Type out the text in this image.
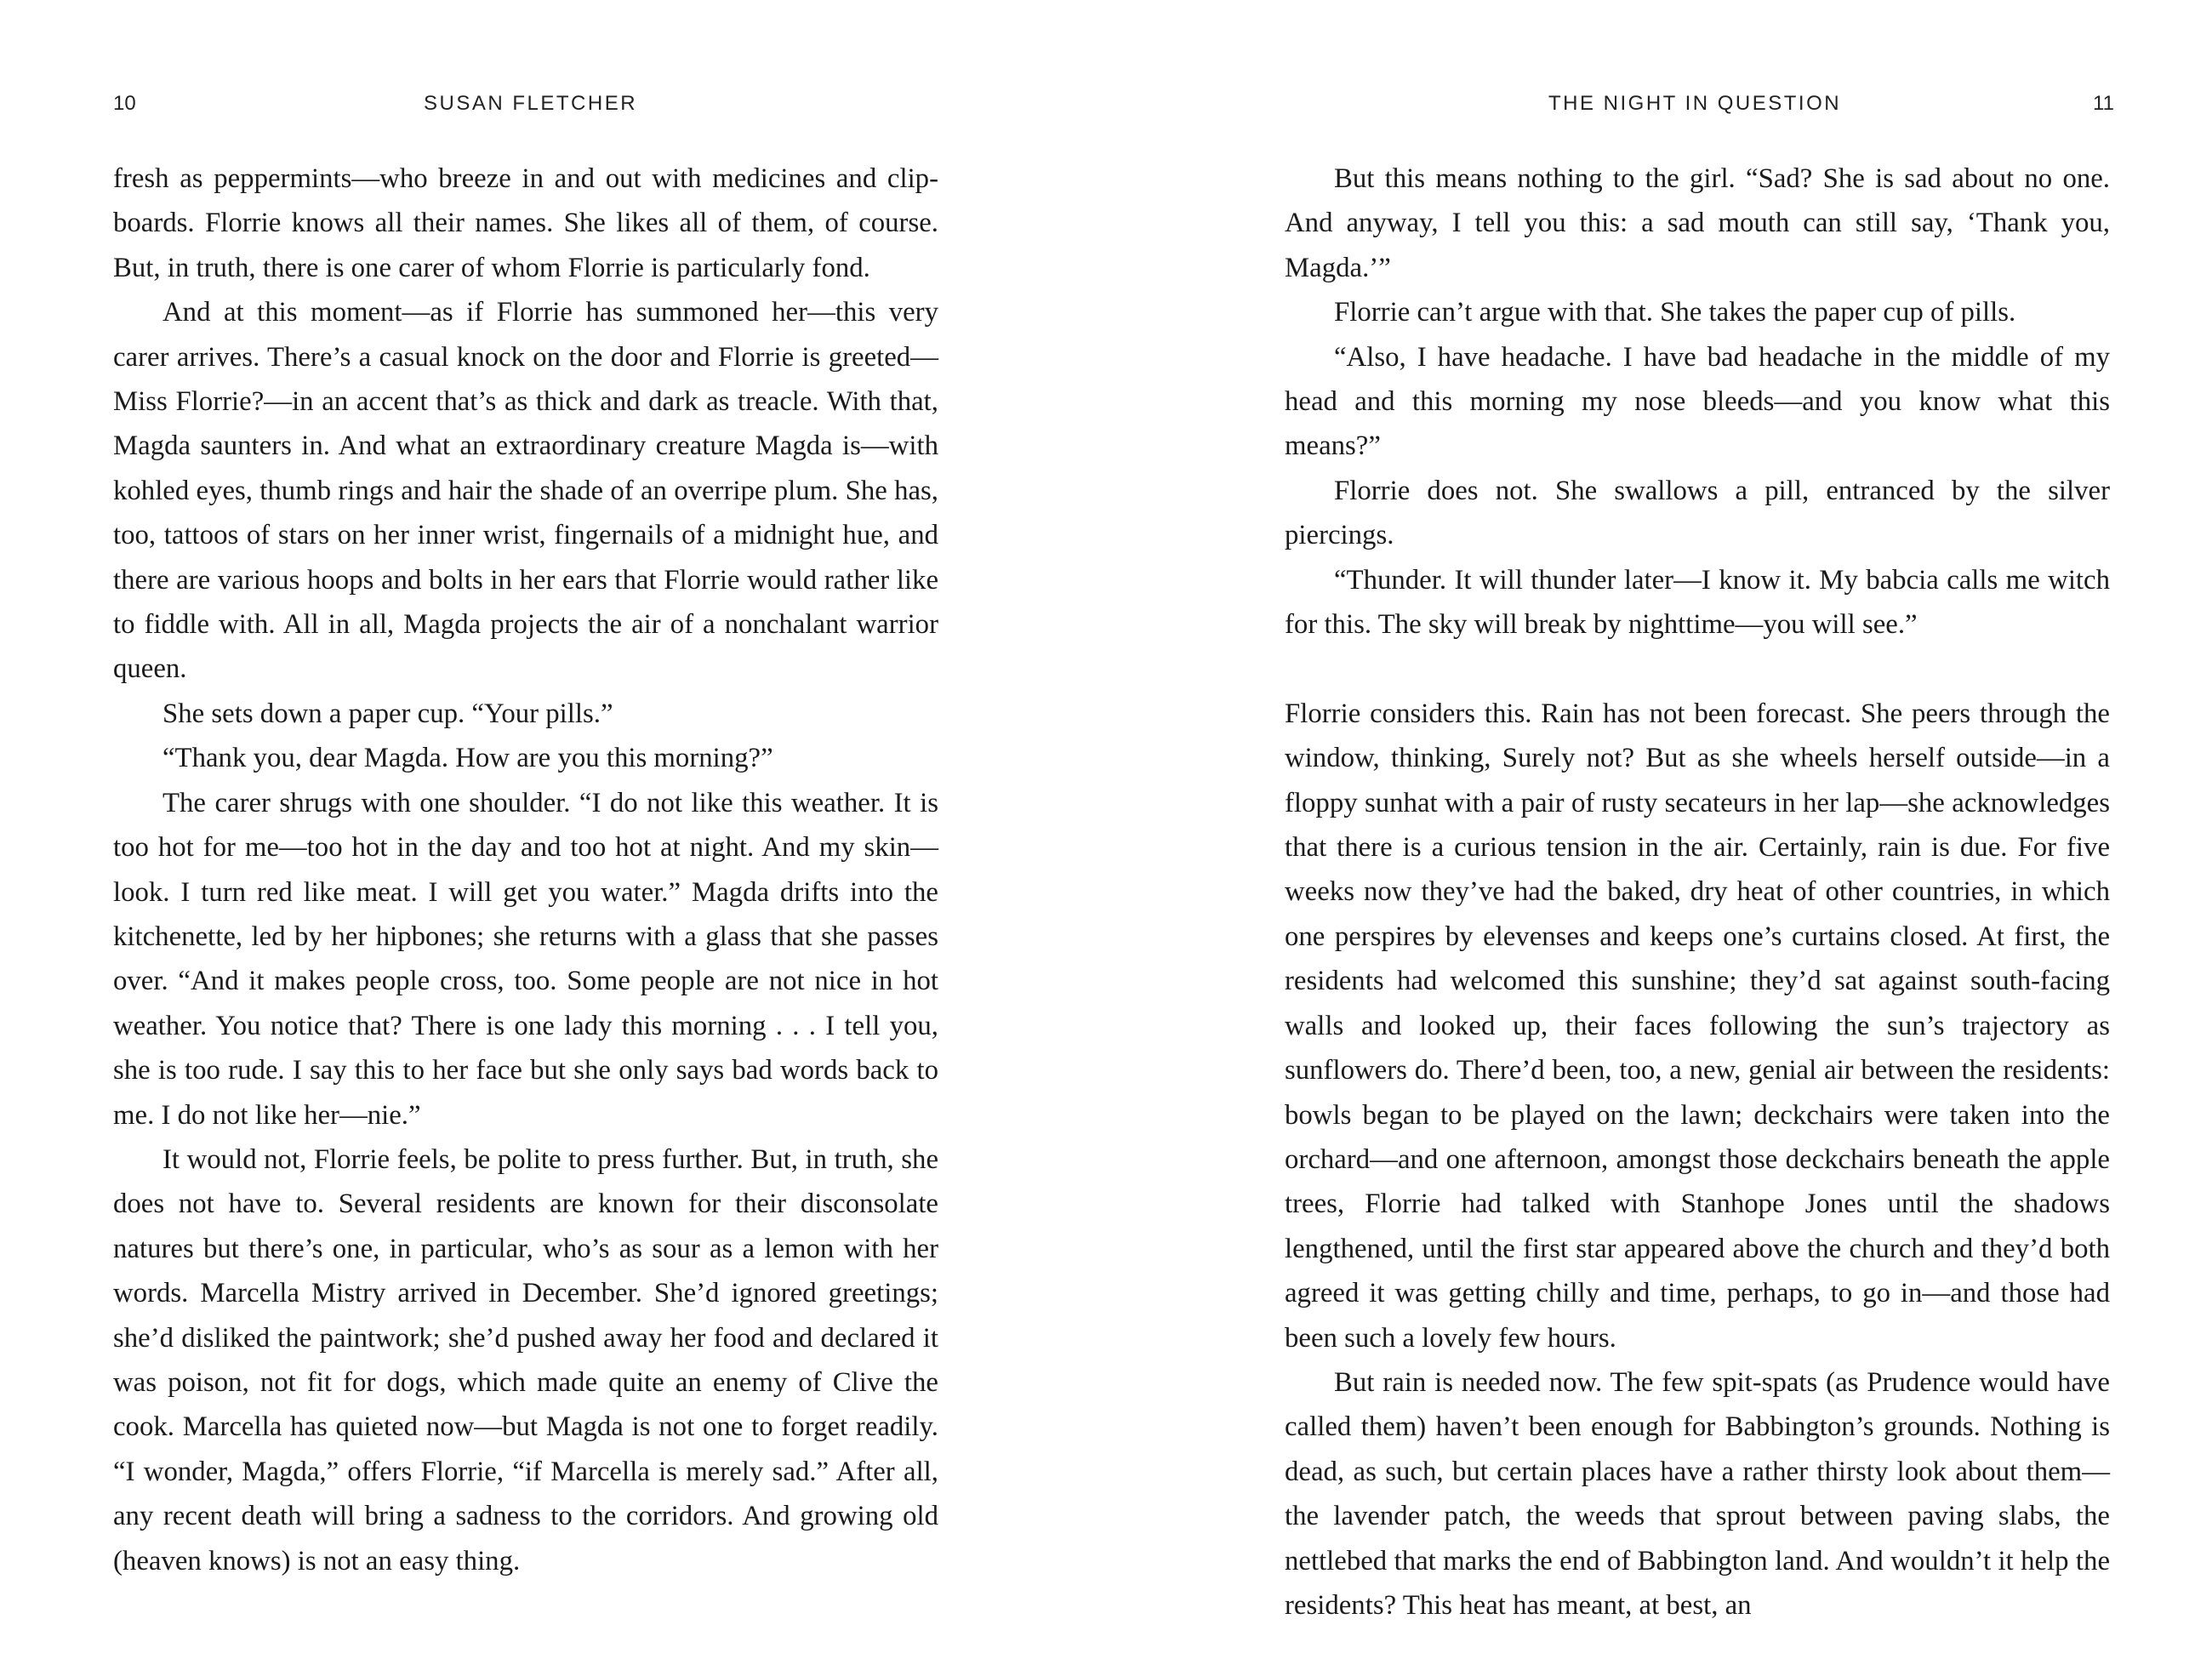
10	SUSAN FLETCHER

fresh as peppermints—who breeze in and out with medicines and clipboards. Florrie knows all their names. She likes all of them, of course. But, in truth, there is one carer of whom Florrie is particularly fond.

And at this moment—as if Florrie has summoned her—this very carer arrives. There’s a casual knock on the door and Florrie is greeted—Miss Florrie?—in an accent that’s as thick and dark as treacle. With that, Magda saunters in. And what an extraordinary creature Magda is—with kohled eyes, thumb rings and hair the shade of an overripe plum. She has, too, tattoos of stars on her inner wrist, fingernails of a midnight hue, and there are various hoops and bolts in her ears that Florrie would rather like to fiddle with. All in all, Magda projects the air of a nonchalant warrior queen.

She sets down a paper cup. “Your pills.”

“Thank you, dear Magda. How are you this morning?”

The carer shrugs with one shoulder. “I do not like this weather. It is too hot for me—too hot in the day and too hot at night. And my skin—look. I turn red like meat. I will get you water.” Magda drifts into the kitchenette, led by her hipbones; she returns with a glass that she passes over. “And it makes people cross, too. Some people are not nice in hot weather. You notice that? There is one lady this morning . . . I tell you, she is too rude. I say this to her face but she only says bad words back to me. I do not like her—nie.”

It would not, Florrie feels, be polite to press further. But, in truth, she does not have to. Several residents are known for their disconsolate natures but there’s one, in particular, who’s as sour as a lemon with her words. Marcella Mistry arrived in December. She’d ignored greetings; she’d disliked the paintwork; she’d pushed away her food and declared it was poison, not fit for dogs, which made quite an enemy of Clive the cook. Marcella has quieted now—but Magda is not one to forget readily. “I wonder, Magda,” offers Florrie, “if Marcella is merely sad.” After all, any recent death will bring a sadness to the corridors. And growing old (heaven knows) is not an easy thing.

THE NIGHT IN QUESTION	11

But this means nothing to the girl. “Sad? She is sad about no one. And anyway, I tell you this: a sad mouth can still say, ‘Thank you, Magda.’”

Florrie can’t argue with that. She takes the paper cup of pills.

“Also, I have headache. I have bad headache in the middle of my head and this morning my nose bleeds—and you know what this means?”

Florrie does not. She swallows a pill, entranced by the silver piercings.

“Thunder. It will thunder later—I know it. My babcia calls me witch for this. The sky will break by nighttime—you will see.”

Florrie considers this. Rain has not been forecast. She peers through the window, thinking, Surely not? But as she wheels herself outside—in a floppy sunhat with a pair of rusty secateurs in her lap—she acknowledges that there is a curious tension in the air. Certainly, rain is due. For five weeks now they’ve had the baked, dry heat of other countries, in which one perspires by elevenses and keeps one’s curtains closed. At first, the residents had welcomed this sunshine; they’d sat against south-facing walls and looked up, their faces following the sun’s trajectory as sunflowers do. There’d been, too, a new, genial air between the residents: bowls began to be played on the lawn; deckchairs were taken into the orchard—and one afternoon, amongst those deckchairs beneath the apple trees, Florrie had talked with Stanhope Jones until the shadows lengthened, until the first star appeared above the church and they’d both agreed it was getting chilly and time, perhaps, to go in—and those had been such a lovely few hours.

But rain is needed now. The few spit-spats (as Prudence would have called them) haven’t been enough for Babbington’s grounds. Nothing is dead, as such, but certain places have a rather thirsty look about them—the lavender patch, the weeds that sprout between paving slabs, the nettlebed that marks the end of Babbington land. And wouldn’t it help the residents? This heat has meant, at best, an
